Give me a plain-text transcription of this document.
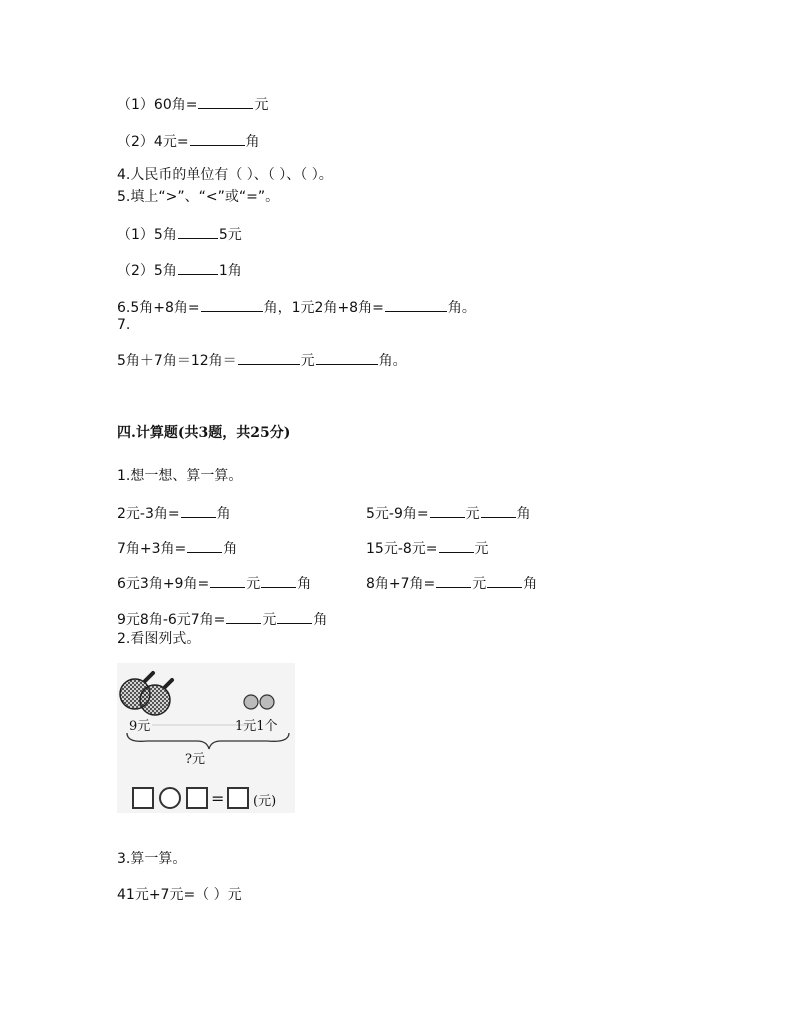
（1）60角=	元
（2）4元=	角
4.人民币的单位有（ ）、（ ）、（ ）。
5.填上“>”、“<”或“=”。
（1）5角	5元
（2）5角	1角
6.5角+8角=	角，1元2角+8角=	角。
7.
5角＋7角＝12角＝	元	角。
四.计算题(共3题，共25分)
1.想一想、算一算。
2元-3角=	角	5元-9角=	元	角
7角+3角=	角	15元-8元=	元
6元3角+9角=	元	角	8角+7角=	元	角
9元8角-6元7角=	元	角
2.看图列式。
9元	1元1个
?元
= (元)
3.算一算。
41元+7元=（ ）元
